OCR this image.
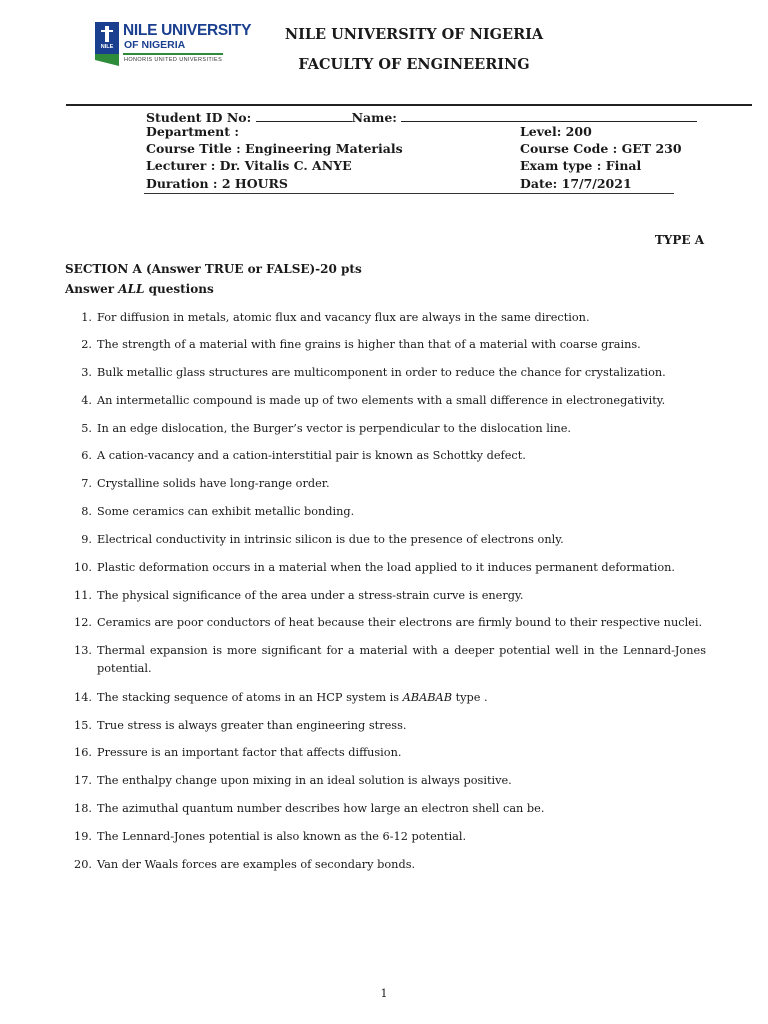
NILE
NILE UNIVERSITY
OF NIGERIA
HONORIS UNITED UNIVERSITIES
NILE UNIVERSITY OF NIGERIA
FACULTY OF ENGINEERING
Student ID No:	Name:
Department :	Level: 200
Course Title : Engineering Materials	Course Code : GET 230
Lecturer : Dr. Vitalis C. ANYE	Exam type : Final
Duration : 2 HOURS	Date: 17/7/2021
TYPE A
SECTION A (Answer TRUE or FALSE)-20 pts
Answer ALL questions
1. For diffusion in metals, atomic flux and vacancy flux are always in the same direction.
2. The strength of a material with fine grains is higher than that of a material with coarse grains.
3. Bulk metallic glass structures are multicomponent in order to reduce the chance for crystalization.
4. An intermetallic compound is made up of two elements with a small difference in electronegativity.
5. In an edge dislocation, the Burger’s vector is perpendicular to the dislocation line.
6. A cation-vacancy and a cation-interstitial pair is known as Schottky defect.
7. Crystalline solids have long-range order.
8. Some ceramics can exhibit metallic bonding.
9. Electrical conductivity in intrinsic silicon is due to the presence of electrons only.
10. Plastic deformation occurs in a material when the load applied to it induces permanent deformation.
11. The physical significance of the area under a stress-strain curve is energy.
12. Ceramics are poor conductors of heat because their electrons are firmly bound to their respective nuclei.
13. Thermal expansion is more significant for a material with a deeper potential well in the Lennard-Jones potential.
14. The stacking sequence of atoms in an HCP system is ABABAB type .
15. True stress is always greater than engineering stress.
16. Pressure is an important factor that affects diffusion.
17. The enthalpy change upon mixing in an ideal solution is always positive.
18. The azimuthal quantum number describes how large an electron shell can be.
19. The Lennard-Jones potential is also known as the 6-12 potential.
20. Van der Waals forces are examples of secondary bonds.
1
